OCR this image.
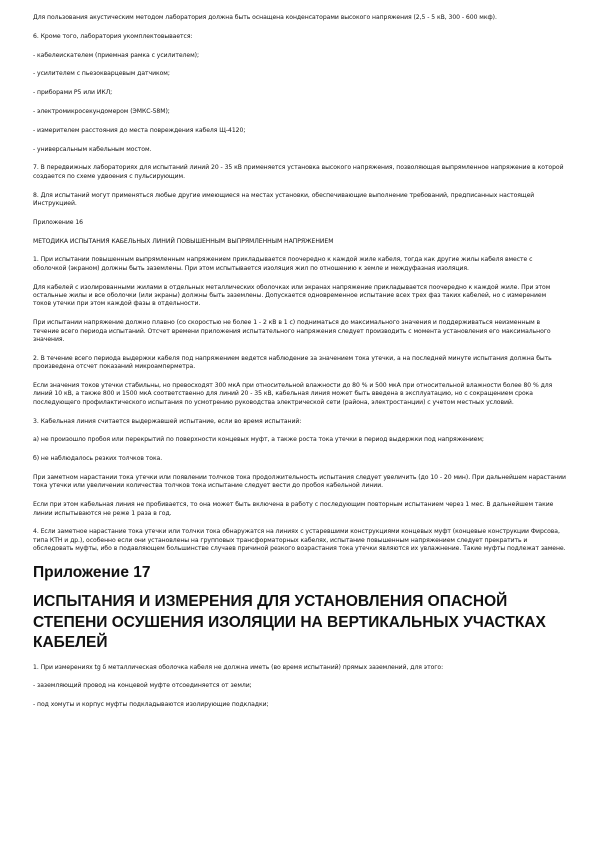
Для пользования акустическим методом лаборатория должна быть оснащена конденсаторами высокого напряжения (2,5 - 5 кВ, 300 - 600 мкф).

6. Кроме того, лаборатория укомплектовывается:

- кабелеискателем (приемная рамка с усилителем);

- усилителем с пьезокварцевым датчиком;

- приборами Р5 или ИКЛ;

- электромикросекундомером (ЭМКС-58М);

- измерителем расстояния до места повреждения кабеля Щ-4120;

- универсальным кабельным мостом.

7. В передвижных лабораториях для испытаний линий 20 - 35 кВ применяется установка высокого напряжения, позволяющая выпрямленное напряжение в которой создается по схеме удвоения с пульсирующим.

8. Для испытаний могут применяться любые другие имеющиеся на местах установки, обеспечивающие выполнение требований, предписанных настоящей Инструкцией.

Приложение 16

МЕТОДИКА ИСПЫТАНИЯ КАБЕЛЬНЫХ ЛИНИЙ ПОВЫШЕННЫМ ВЫПРЯМЛЕННЫМ НАПРЯЖЕНИЕМ

1. При испытании повышенным выпрямленным напряжением прикладывается поочередно к каждой жиле кабеля, тогда как другие жилы кабеля вместе с оболочкой (экраном) должны быть заземлены. При этом испытывается изоляция жил по отношению к земле и междуфазная изоляция.

Для кабелей с изолированными жилами в отдельных металлических оболочках или экранах напряжение прикладывается поочередно к каждой жиле. При этом остальные жилы и все оболочки (или экраны) должны быть заземлены. Допускается одновременное испытание всех трех фаз таких кабелей, но с измерением токов утечки при этом каждой фазы в отдельности.

При испытании напряжение должно плавно (со скоростью не более 1 - 2 кВ в 1 с) подниматься до максимального значения и поддерживаться неизменным в течение всего периода испытаний. Отсчет времени приложения испытательного напряжения следует производить с момента установления его максимального значения.

2. В течение всего периода выдержки кабеля под напряжением ведется наблюдение за значением тока утечки, а на последней минуте испытания должна быть произведена отсчет показаний микроамперметра.

Если значения токов утечки стабильны, но превосходят 300 мкА при относительной влажности до 80 % и 500 мкА при относительной влажности более 80 % для линий 10 кВ, а также 800 и 1500 мкА соответственно для линий 20 - 35 кВ, кабельная линия может быть введена в эксплуатацию, но с сокращением срока последующего профилактического испытания по усмотрению руководства электрической сети (района, электростанции) с учетом местных условий.

3. Кабельная линия считается выдержавшей испытание, если во время испытаний:

а) не произошло пробоя или перекрытий по поверхности концевых муфт, а также роста тока утечки в период выдержки под напряжением;

б) не наблюдалось резких толчков тока.

При заметном нарастании тока утечки или появлении толчков тока продолжительность испытания следует увеличить (до 10 - 20 мин). При дальнейшем нарастании тока утечки или увеличении количества толчков тока испытание следует вести до пробоя кабельной линии.

Если при этом кабельная линия не пробивается, то она может быть включена в работу с последующим повторным испытанием через 1 мес. В дальнейшем такие линии испытываются не реже 1 раза в год.

4. Если заметное нарастание тока утечки или толчки тока обнаружатся на линиях с устаревшими конструкциями концевых муфт (концевые конструкции Фирсова, типа КТН и др.), особенно если они установлены на групповых трансформаторных кабелях, испытание повышенным напряжением следует прекратить и обследовать муфты, ибо в подавляющем большинстве случаев причиной резкого возрастания тока утечки являются их увлажнение. Такие муфты подлежат замене.

Приложение 17
ИСПЫТАНИЯ И ИЗМЕРЕНИЯ ДЛЯ УСТАНОВЛЕНИЯ ОПАСНОЙ СТЕПЕНИ ОСУШЕНИЯ ИЗОЛЯЦИИ НА ВЕРТИКАЛЬНЫХ УЧАСТКАХ КАБЕЛЕЙ

1. При измерениях tg δ металлическая оболочка кабеля не должна иметь (во время испытаний) прямых заземлений, для этого:

- заземляющий провод на концевой муфте отсоединяется от земли;

- под хомуты и корпус муфты подкладываются изолирующие подкладки;
